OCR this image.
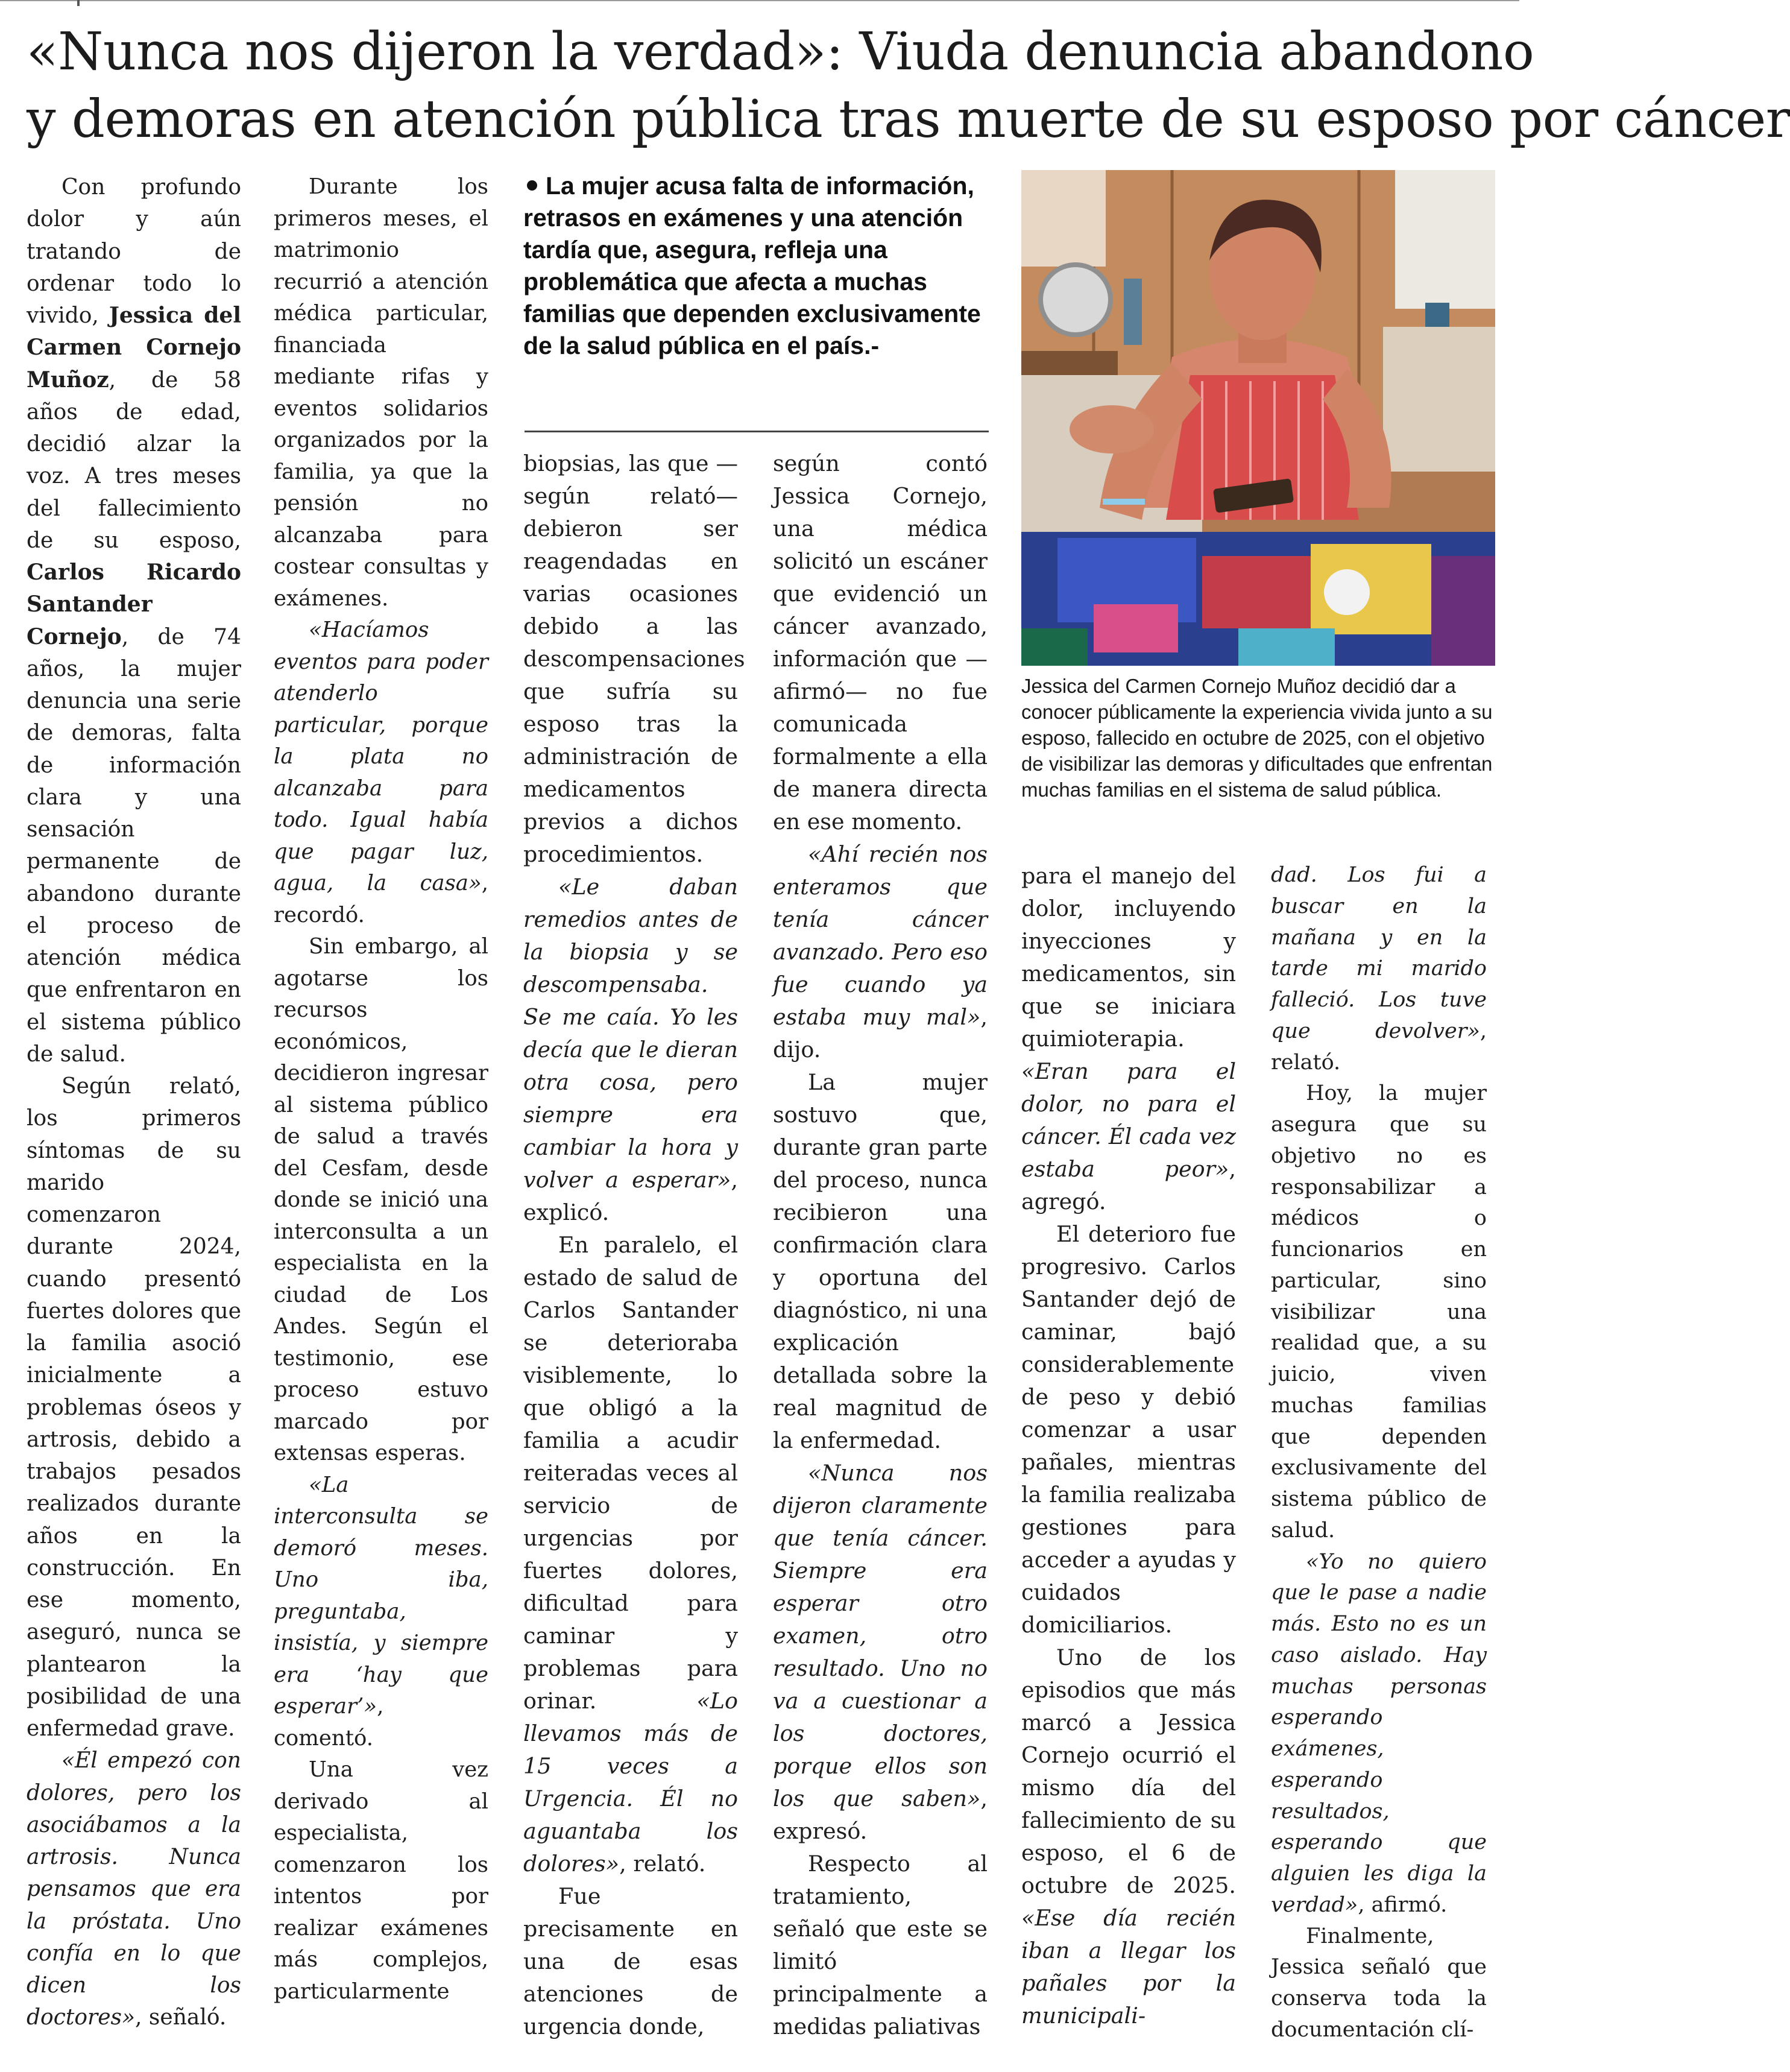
«Nunca nos dijeron la verdad»: Viuda denuncia abandono
y demoras en atención pública tras muerte de su esposo por cáncer

Con profundo dolor y aún tratando de ordenar todo lo vivido, Jessica del Carmen Cornejo Muñoz, de 58 años de edad, decidió alzar la voz. A tres meses del fallecimiento de su esposo, Carlos Ricardo Santander Cornejo, de 74 años, la mujer denuncia una serie de demoras, falta de información clara y una sensación permanente de abandono durante el proceso de atención médica que enfrentaron en el sistema público de salud.

Según relató, los primeros síntomas de su marido comenzaron durante 2024, cuando presentó fuertes dolores que la familia asoció inicialmente a problemas óseos y artrosis, debido a trabajos pesados realizados durante años en la construcción. En ese momento, aseguró, nunca se plantearon la posibilidad de una enfermedad grave.

«Él empezó con dolores, pero los asociábamos a la artrosis. Nunca pensamos que era la próstata. Uno confía en lo que dicen los doctores», señaló.

Durante los primeros meses, el matrimonio recurrió a atención médica particular, financiada mediante rifas y eventos solidarios organizados por la familia, ya que la pensión no alcanzaba para costear consultas y exámenes.

«Hacíamos eventos para poder atenderlo particular, porque la plata no alcanzaba para todo. Igual había que pagar luz, agua, la casa», recordó.

Sin embargo, al agotarse los recursos económicos, decidieron ingresar al sistema público de salud a través del Cesfam, desde donde se inició una interconsulta a un especialista en la ciudad de Los Andes. Según el testimonio, ese proceso estuvo marcado por extensas esperas.

«La interconsulta se demoró meses. Uno iba, preguntaba, insistía, y siempre era ‘hay que esperar’», comentó.

Una vez derivado al especialista, comenzaron los intentos por realizar exámenes más complejos, particularmente

La mujer acusa falta de información, retrasos en exámenes y una atención tardía que, asegura, refleja una problemática que afecta a muchas familias que dependen exclusivamente de la salud pública en el país.-

biopsias, las que —según relató— debieron ser reagendadas en varias ocasiones debido a las descompensaciones que sufría su esposo tras la administración de medicamentos previos a dichos procedimientos.

«Le daban remedios antes de la biopsia y se descompensaba. Se me caía. Yo les decía que le dieran otra cosa, pero siempre era cambiar la hora y volver a esperar», explicó.

En paralelo, el estado de salud de Carlos Santander se deterioraba visiblemente, lo que obligó a la familia a acudir reiteradas veces al servicio de urgencias por fuertes dolores, dificultad para caminar y problemas para orinar. «Lo llevamos más de 15 veces a Urgencia. Él no aguantaba los dolores», relató.

Fue precisamente en una de esas atenciones de urgencia donde,

según contó Jessica Cornejo, una médica solicitó un escáner que evidenció un cáncer avanzado, información que —afirmó— no fue comunicada formalmente a ella de manera directa en ese momento.

«Ahí recién nos enteramos que tenía cáncer avanzado. Pero eso fue cuando ya estaba muy mal», dijo.

La mujer sostuvo que, durante gran parte del proceso, nunca recibieron una confirmación clara y oportuna del diagnóstico, ni una explicación detallada sobre la real magnitud de la enfermedad.

«Nunca nos dijeron claramente que tenía cáncer. Siempre era esperar otro examen, otro resultado. Uno no va a cuestionar a los doctores, porque ellos son los que saben», expresó.

Respecto al tratamiento, señaló que este se limitó principalmente a medidas paliativas

Jessica del Carmen Cornejo Muñoz decidió dar a conocer públicamente la experiencia vivida junto a su esposo, fallecido en octubre de 2025, con el objetivo de visibilizar las demoras y dificultades que enfrentan muchas familias en el sistema de salud pública.

para el manejo del dolor, incluyendo inyecciones y medicamentos, sin que se iniciara quimioterapia. «Eran para el dolor, no para el cáncer. Él cada vez estaba peor», agregó.

El deterioro fue progresivo. Carlos Santander dejó de caminar, bajó considerablemente de peso y debió comenzar a usar pañales, mientras la familia realizaba gestiones para acceder a ayudas y cuidados domiciliarios.

Uno de los episodios que más marcó a Jessica Cornejo ocurrió el mismo día del fallecimiento de su esposo, el 6 de octubre de 2025. «Ese día recién iban a llegar los pañales por la municipali-

dad. Los fui a buscar en la mañana y en la tarde mi marido falleció. Los tuve que devolver», relató.

Hoy, la mujer asegura que su objetivo no es responsabilizar a médicos o funcionarios en particular, sino visibilizar una realidad que, a su juicio, viven muchas familias que dependen exclusivamente del sistema público de salud.

«Yo no quiero que le pase a nadie más. Esto no es un caso aislado. Hay muchas personas esperando exámenes, esperando resultados, esperando que alguien les diga la verdad», afirmó.

Finalmente, Jessica señaló que conserva toda la documentación clí-
